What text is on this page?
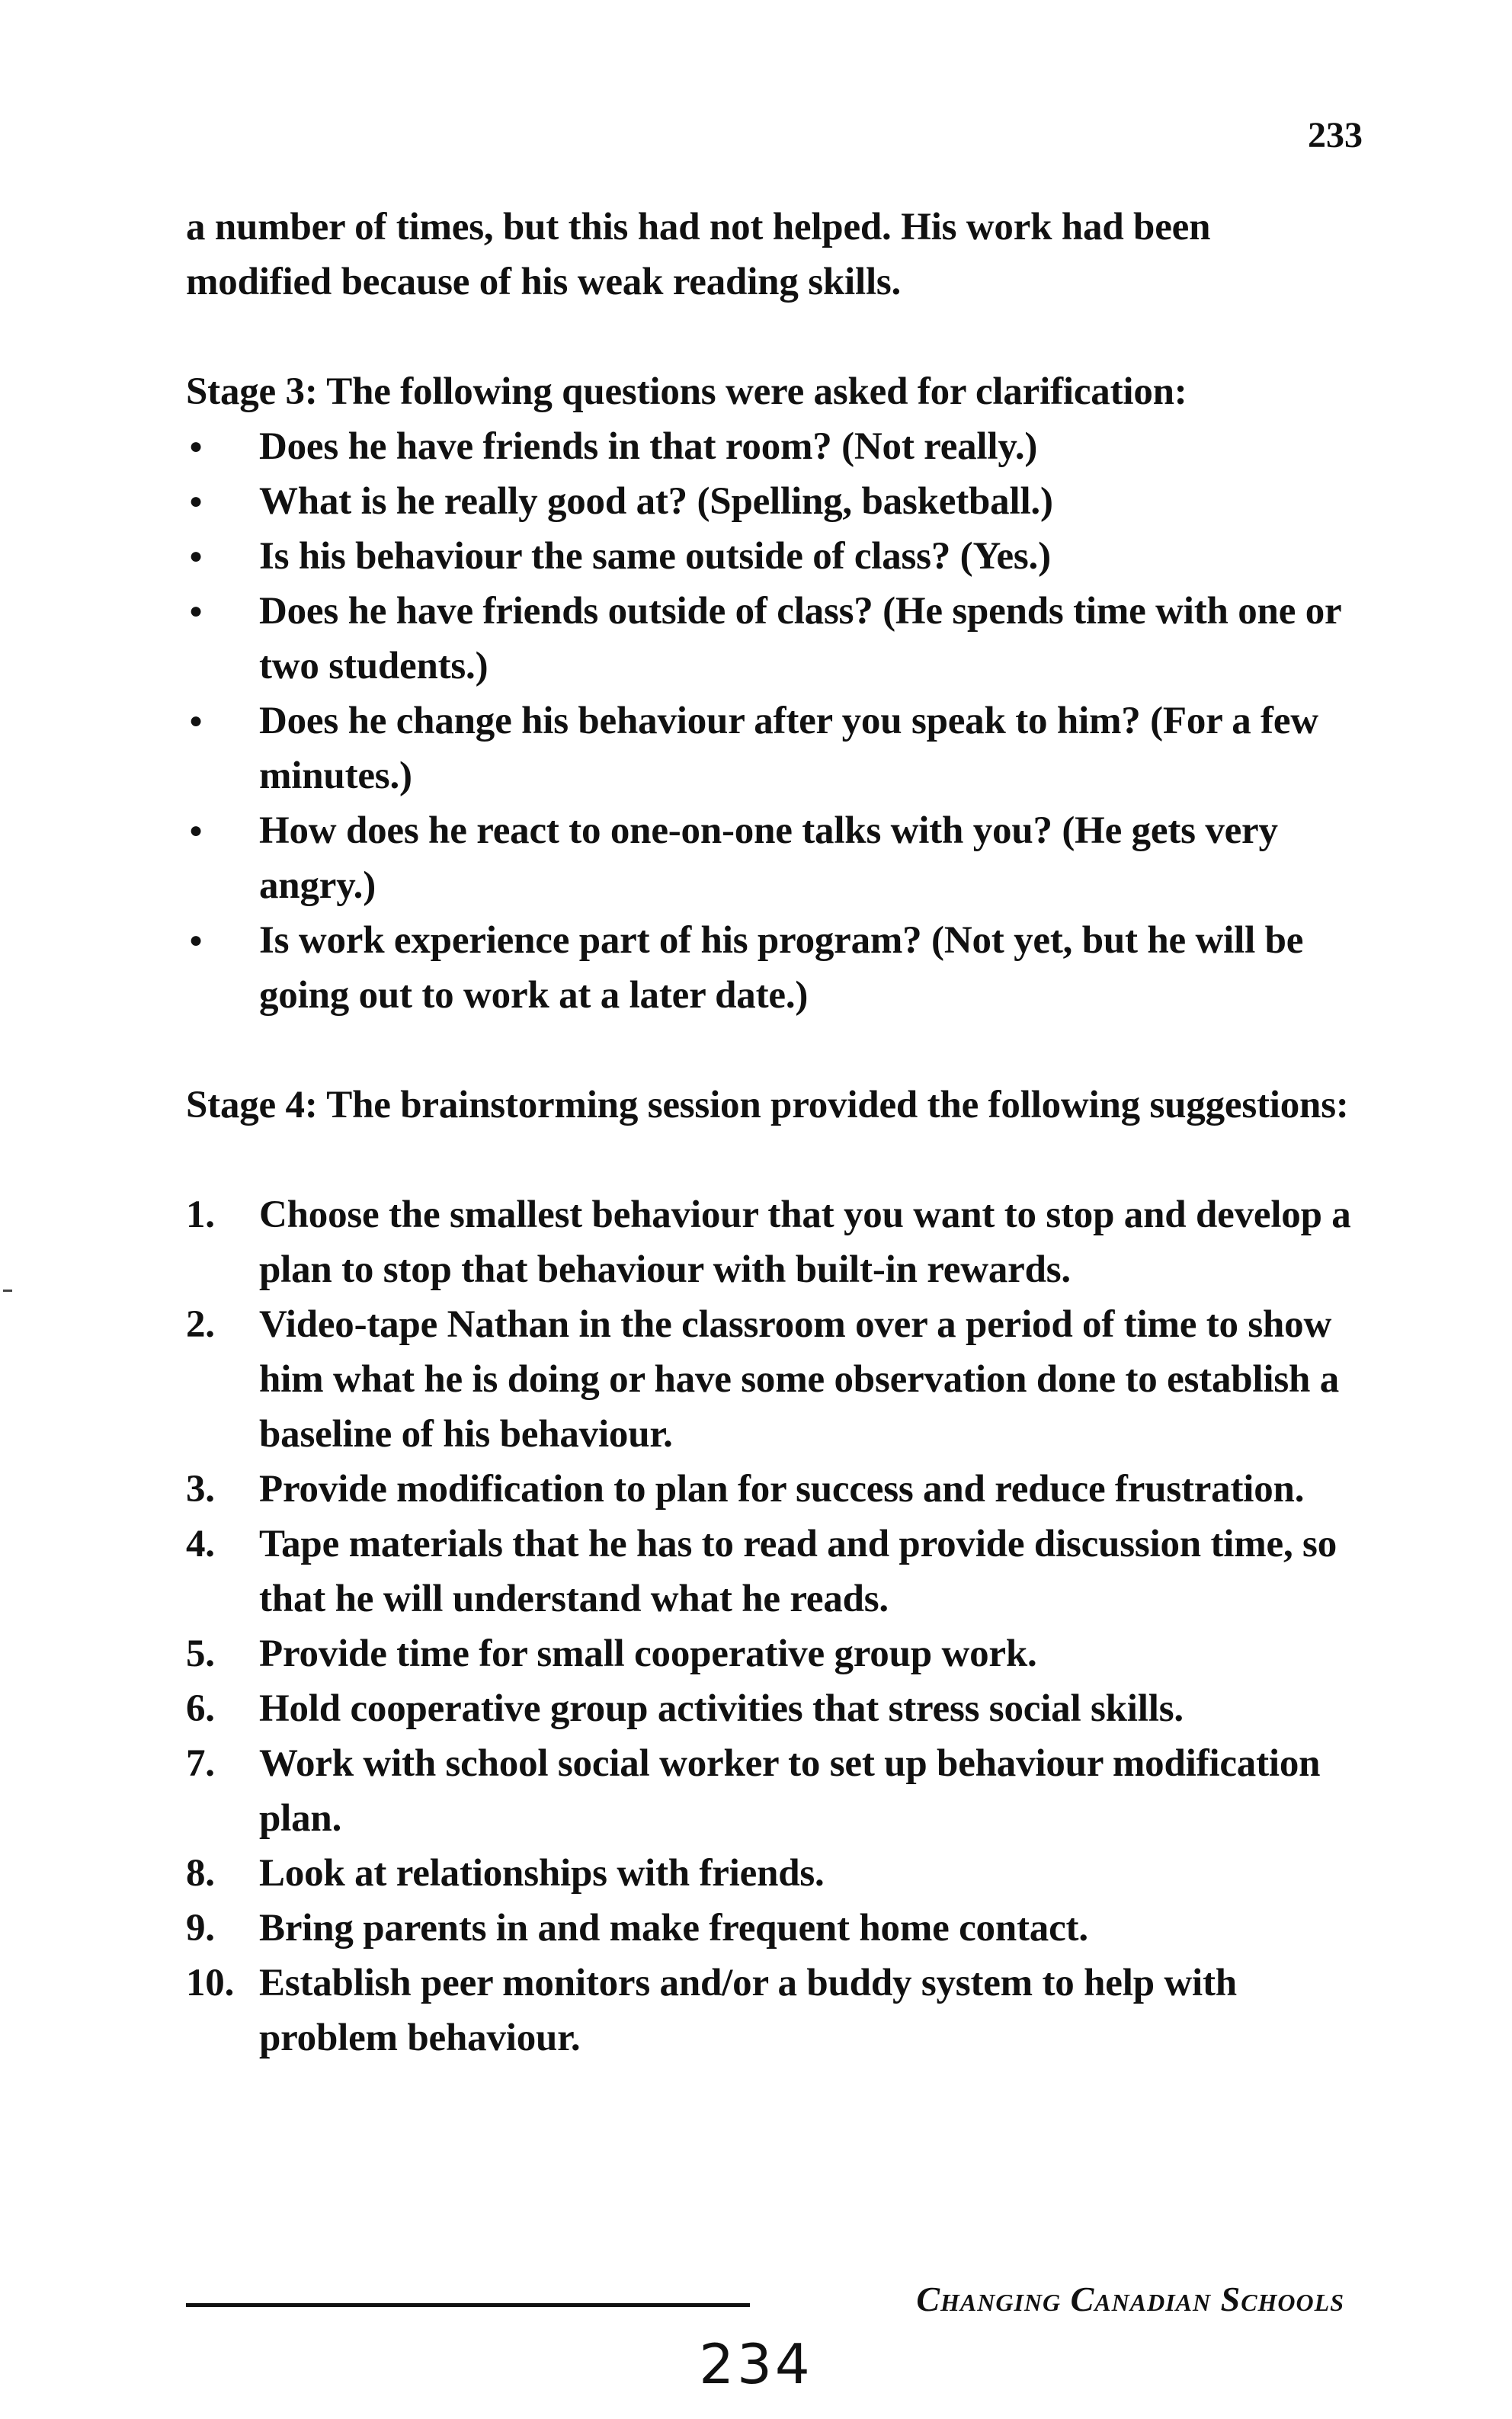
233

a number of times, but this had not helped. His work had been modified because of his weak reading skills.

Stage 3: The following questions were asked for clarification:

● Does he have friends in that room? (Not really.)
● What is he really good at? (Spelling, basketball.)
● Is his behaviour the same outside of class? (Yes.)
● Does he have friends outside of class? (He spends time with one or two students.)
● Does he change his behaviour after you speak to him? (For a few minutes.)
● How does he react to one-on-one talks with you? (He gets very angry.)
● Is work experience part of his program? (Not yet, but he will be going out to work at a later date.)

Stage 4: The brainstorming session provided the following suggestions:

1. Choose the smallest behaviour that you want to stop and develop a plan to stop that behaviour with built-in rewards.
2. Video-tape Nathan in the classroom over a period of time to show him what he is doing or have some observation done to establish a baseline of his behaviour.
3. Provide modification to plan for success and reduce frustration.
4. Tape materials that he has to read and provide discussion time, so that he will understand what he reads.
5. Provide time for small cooperative group work.
6. Hold cooperative group activities that stress social skills.
7. Work with school social worker to set up behaviour modification plan.
8. Look at relationships with friends.
9. Bring parents in and make frequent home contact.
10. Establish peer monitors and/or a buddy system to help with problem behaviour.
Changing Canadian Schools
234
